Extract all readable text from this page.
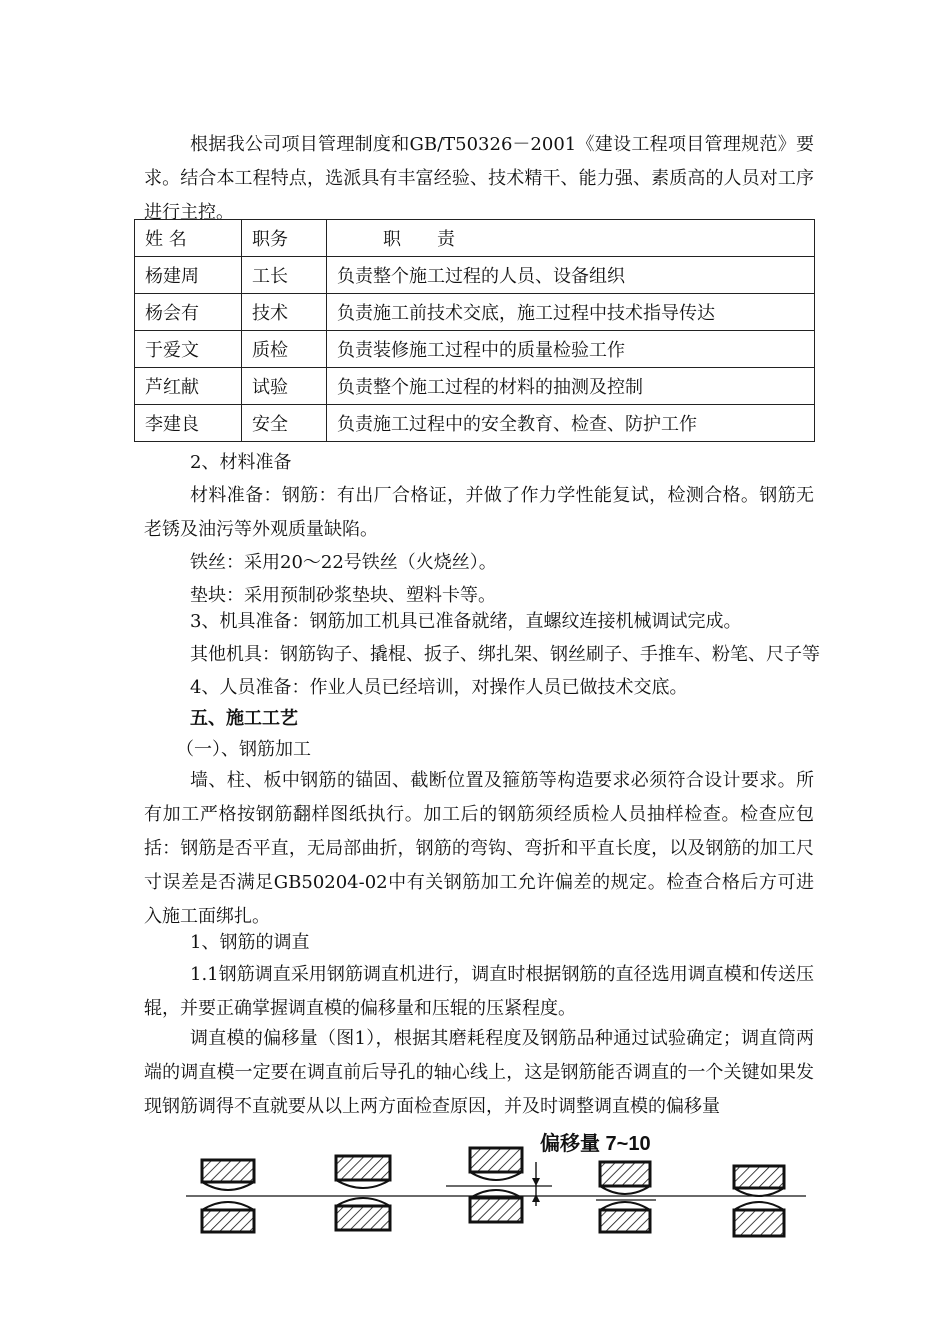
根据我公司项目管理制度和GB/T50326－2001《建设工程项目管理规范》要求。结合本工程特点，选派具有丰富经验、技术精干、能力强、素质高的人员对工序进行主控。

姓 名	职务	职　　责
杨建周	工长	负责整个施工过程的人员、设备组织
杨会有	技术	负责施工前技术交底，施工过程中技术指导传达
于爱文	质检	负责装修施工过程中的质量检验工作
芦红献	试验	负责整个施工过程的材料的抽测及控制
李建良	安全	负责施工过程中的安全教育、检查、防护工作

2、材料准备

材料准备：钢筋：有出厂合格证，并做了作力学性能复试，检测合格。钢筋无老锈及油污等外观质量缺陷。

铁丝：采用20～22号铁丝（火烧丝）。

垫块：采用预制砂浆垫块、塑料卡等。

3、机具准备：钢筋加工机具已准备就绪，直螺纹连接机械调试完成。

其他机具：钢筋钩子、撬棍、扳子、绑扎架、钢丝刷子、手推车、粉笔、尺子等

4、人员准备：作业人员已经培训，对操作人员已做技术交底。

五、施工工艺

（一）、钢筋加工

墙、柱、板中钢筋的锚固、截断位置及箍筋等构造要求必须符合设计要求。所有加工严格按钢筋翻样图纸执行。加工后的钢筋须经质检人员抽样检查。检查应包括：钢筋是否平直，无局部曲折，钢筋的弯钩、弯折和平直长度，以及钢筋的加工尺寸误差是否满足GB50204-02中有关钢筋加工允许偏差的规定。检查合格后方可进入施工面绑扎。

1、钢筋的调直

1.1钢筋调直采用钢筋调直机进行，调直时根据钢筋的直径选用调直模和传送压辊，并要正确掌握调直模的偏移量和压辊的压紧程度。

调直模的偏移量（图1），根据其磨耗程度及钢筋品种通过试验确定；调直筒两端的调直模一定要在调直前后导孔的轴心线上，这是钢筋能否调直的一个关键如果发现钢筋调得不直就要从以上两方面检查原因，并及时调整调直模的偏移量

偏移量 7~10
